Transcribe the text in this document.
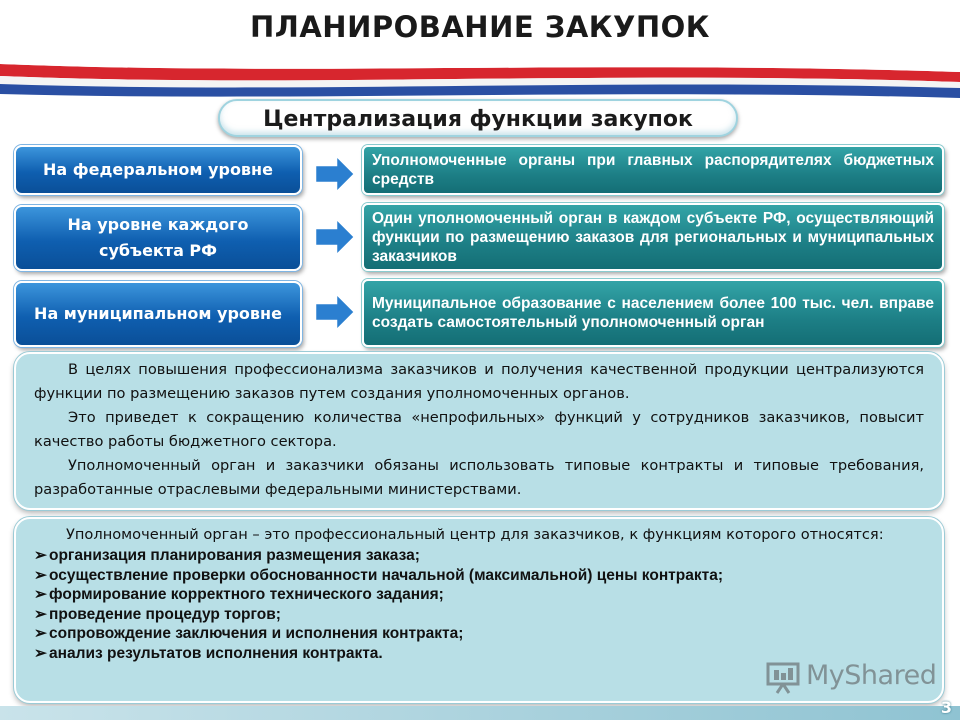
ПЛАНИРОВАНИЕ ЗАКУПОК
Централизация функции закупок
На федеральном уровне	Уполномоченные органы при главных распорядителях бюджетных средств
На уровне каждого субъекта РФ
Один уполномоченный орган в каждом субъекте РФ, осуществляющий функции по размещению заказов для региональных и муниципальных заказчиков
На муниципальном уровне
Муниципальное образование с населением более 100 тыс. чел. вправе создать самостоятельный уполномоченный орган

В целях повышения профессионализма заказчиков и получения качественной продукции централизуются функции по размещению заказов путем создания уполномоченных органов.

Это приведет к сокращению количества «непрофильных» функций у сотрудников заказчиков, повысит качество работы бюджетного сектора.

Уполномоченный орган и заказчики обязаны использовать типовые контракты и типовые требования, разработанные отраслевыми федеральными министерствами.

Уполномоченный орган – это профессиональный центр для заказчиков, к функциям которого относятся:

➢ организация планирования размещения заказа;
➢ осуществление проверки обоснованности начальной (максимальной) цены контракта;
➢ формирование корректного технического задания;
➢ проведение процедур торгов;
➢ сопровождение заключения и исполнения контракта;
➢ анализ результатов исполнения контракта.
MyShared
3
